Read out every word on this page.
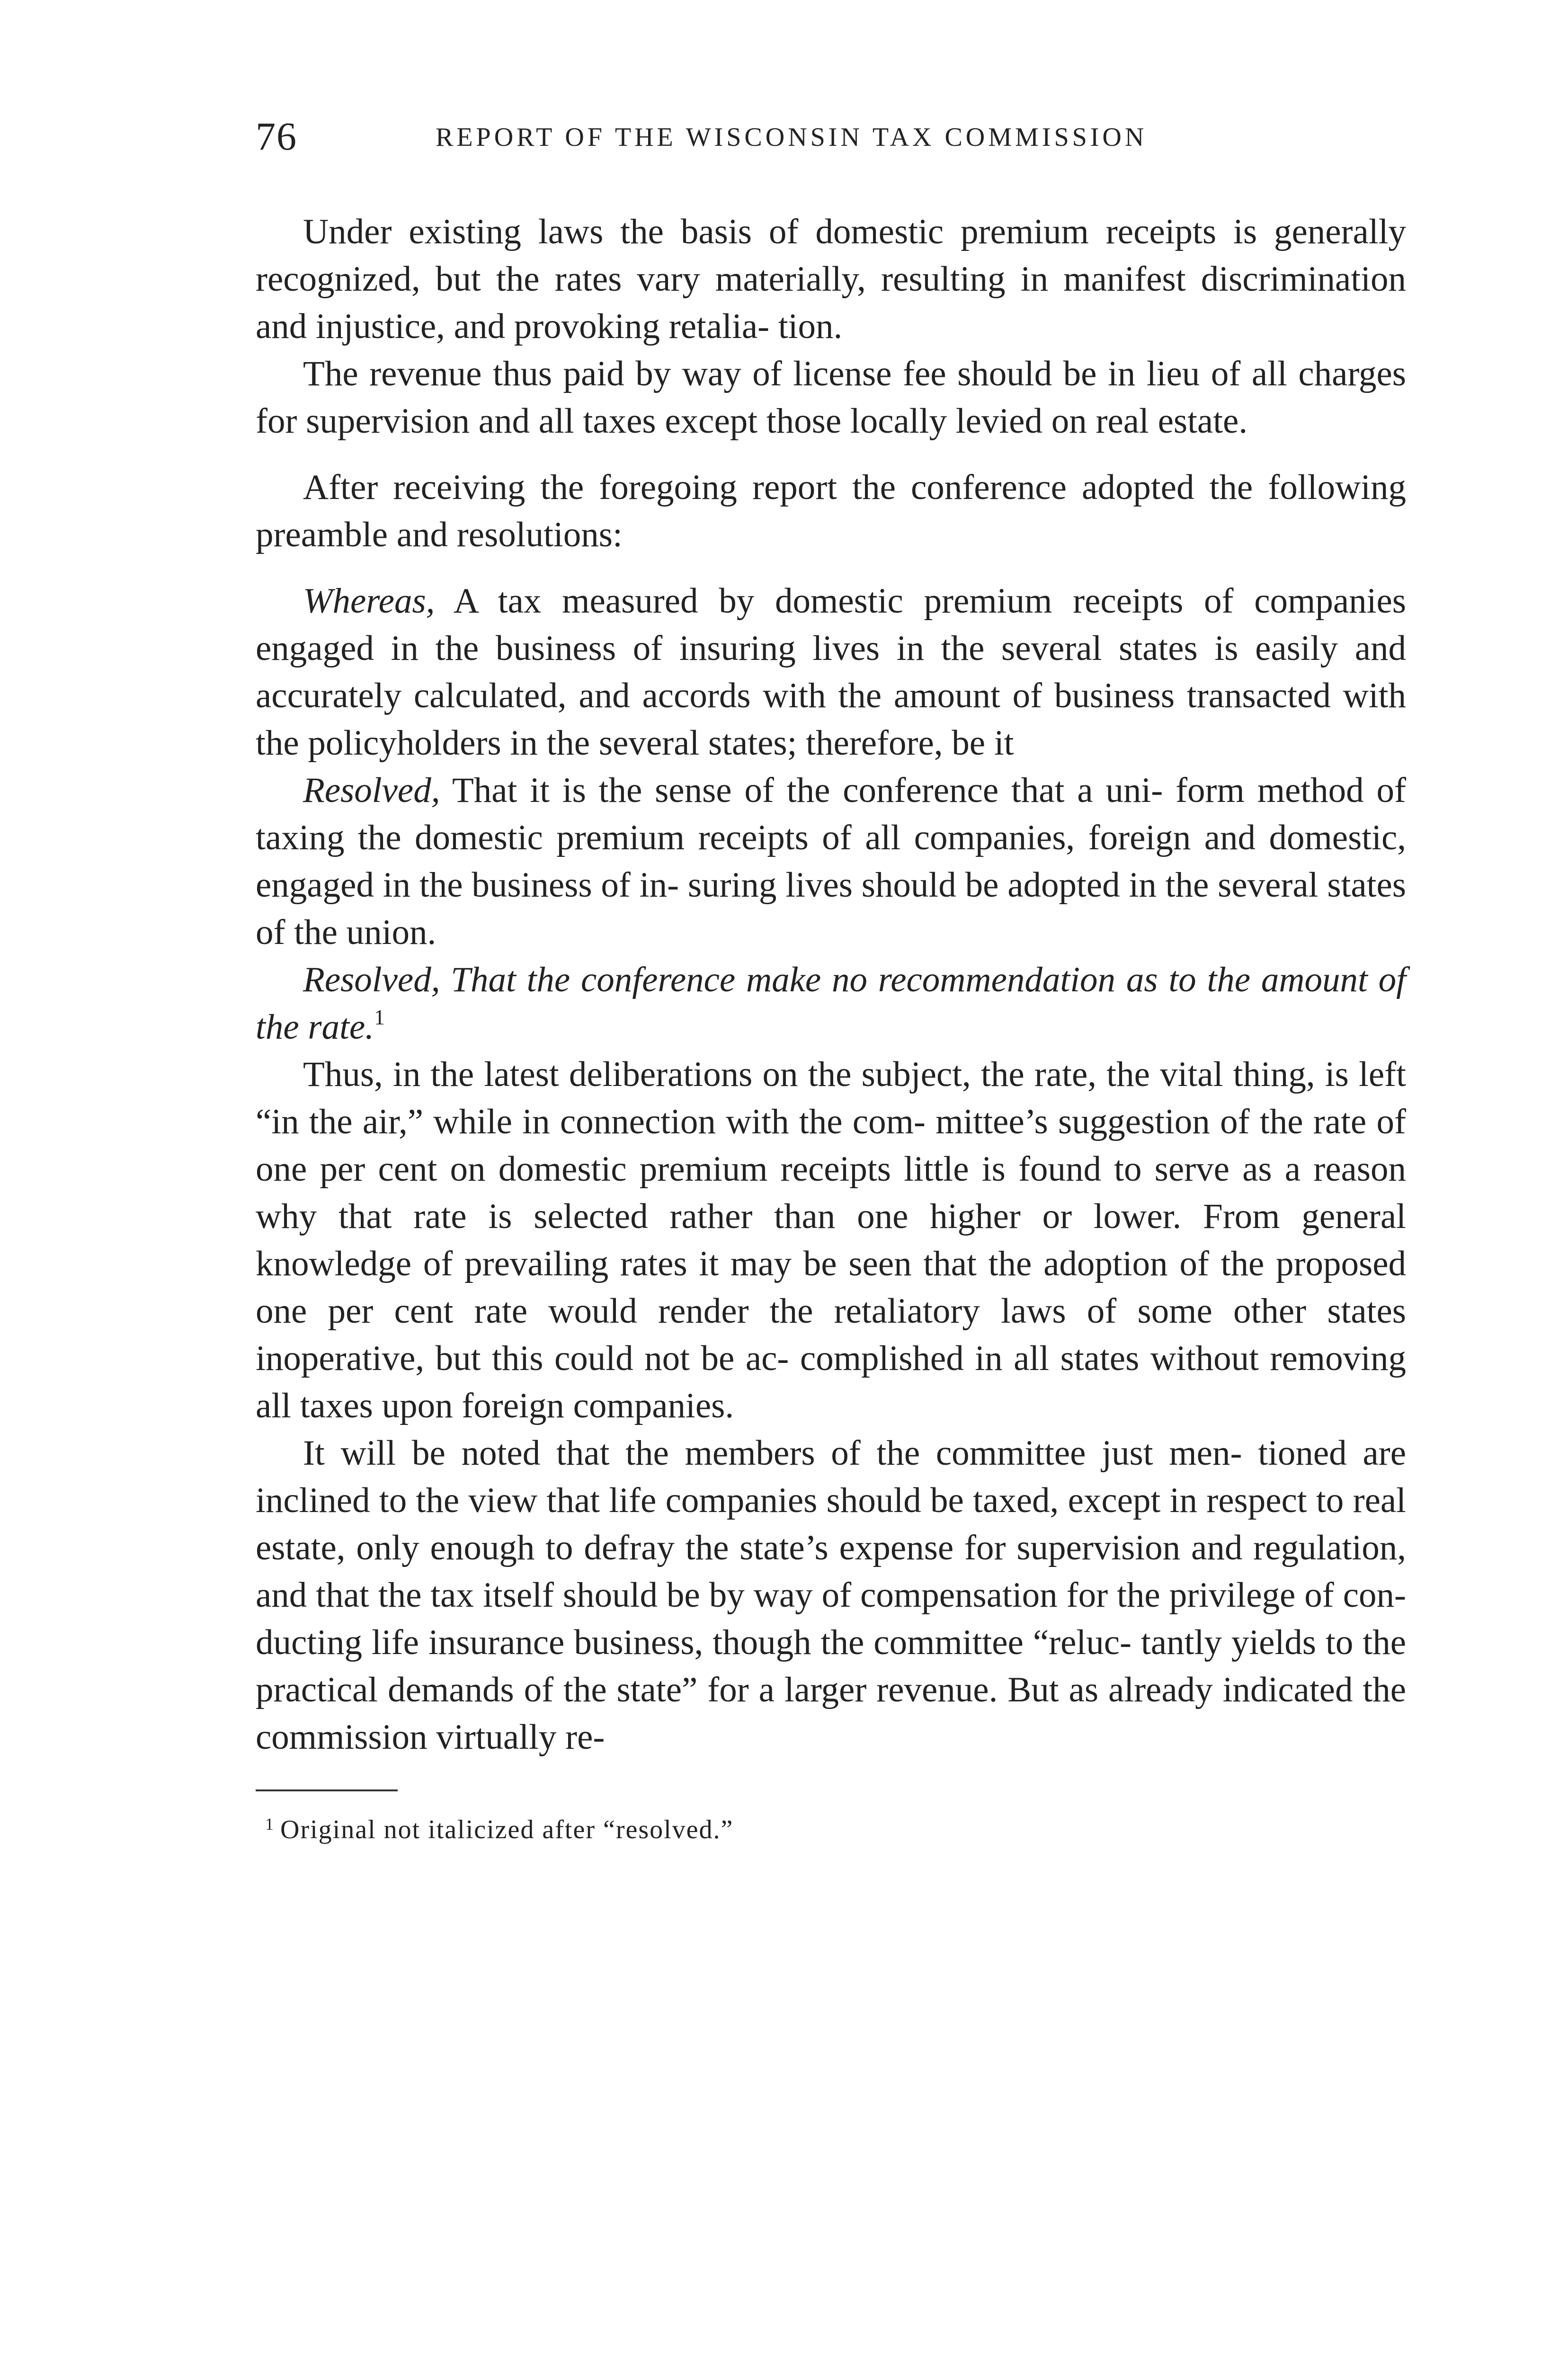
76	REPORT OF THE WISCONSIN TAX COMMISSION

Under existing laws the basis of domestic premium receipts is generally recognized, but the rates vary materially, resulting in manifest discrimination and injustice, and provoking retalia- tion.

The revenue thus paid by way of license fee should be in lieu of all charges for supervision and all taxes except those locally levied on real estate.

After receiving the foregoing report the conference adopted the following preamble and resolutions:

Whereas, A tax measured by domestic premium receipts of companies engaged in the business of insuring lives in the several states is easily and accurately calculated, and accords with the amount of business transacted with the policyholders in the several states; therefore, be it

Resolved, That it is the sense of the conference that a uni- form method of taxing the domestic premium receipts of all companies, foreign and domestic, engaged in the business of in- suring lives should be adopted in the several states of the union.

Resolved, That the conference make no recommendation as to the amount of the rate.$^1$

Thus, in the latest deliberations on the subject, the rate, the vital thing, is left “in the air,” while in connection with the com- mittee’s suggestion of the rate of one per cent on domestic premium receipts little is found to serve as a reason why that rate is selected rather than one higher or lower. From general knowledge of prevailing rates it may be seen that the adoption of the proposed one per cent rate would render the retaliatory laws of some other states inoperative, but this could not be ac- complished in all states without removing all taxes upon foreign companies.

It will be noted that the members of the committee just men- tioned are inclined to the view that life companies should be taxed, except in respect to real estate, only enough to defray the state’s expense for supervision and regulation, and that the tax itself should be by way of compensation for the privilege of con- ducting life insurance business, though the committee “reluc- tantly yields to the practical demands of the state” for a larger revenue. But as already indicated the commission virtually re-

$^1$ Original not italicized after “resolved.”
